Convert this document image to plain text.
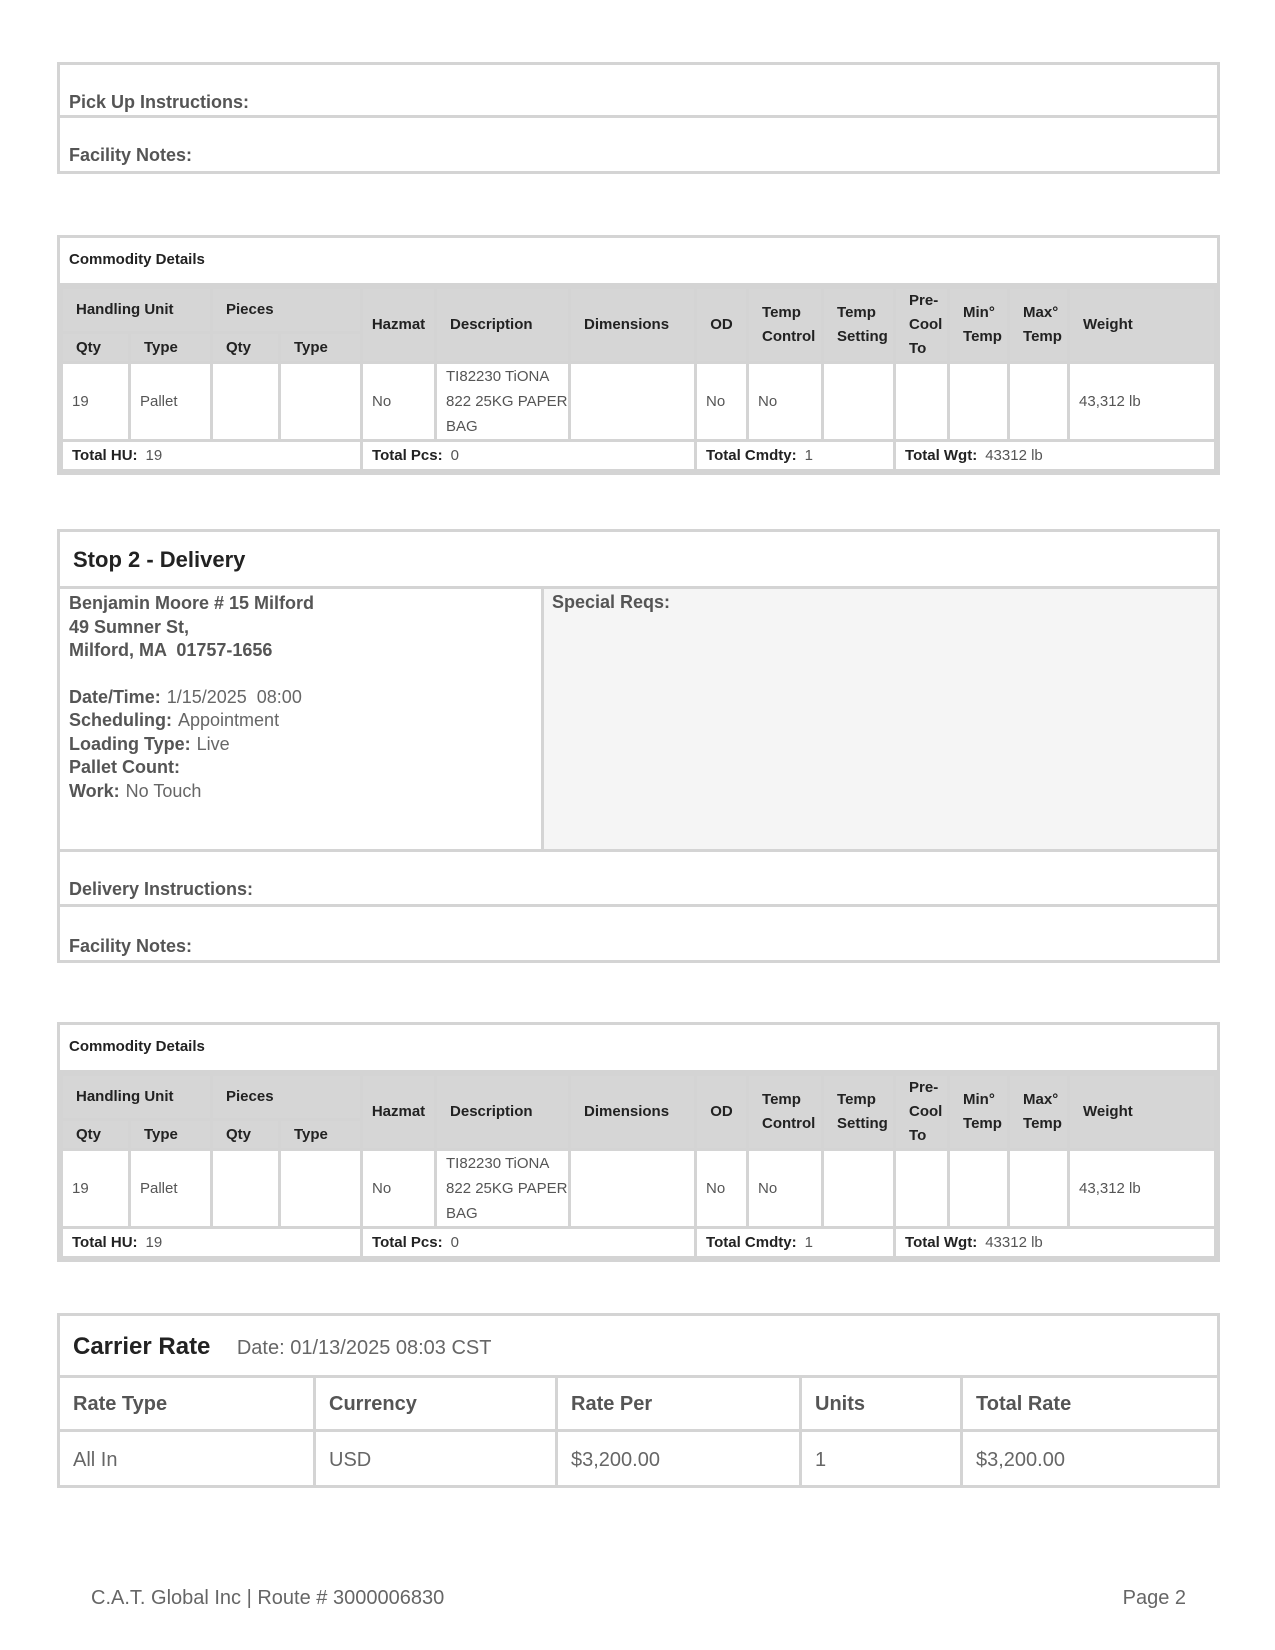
Pick Up Instructions:
Facility Notes:
Commodity Details
Handling Unit		Pieces		Hazmat	Description	Dimensions	OD	Temp Control	Temp Setting	Pre-Cool To	Min° Temp	Max° Temp	Weight
Qty	Type	Qty	Type										
19	Pallet			No	TI82230 TiONA 822 25KG PAPER BAG		No	No					43,312 lb
Total HU: 19				Total Pcs: 0			Total Cmdty: 1			Total Wgt: 43312 lb			
Stop 2 - Delivery
Benjamin Moore # 15 Milford
49 Sumner St,
Milford, MA  01757-1656
Date/Time: 1/15/2025  08:00
Scheduling: Appointment
Loading Type: Live
Pallet Count:
Work: No Touch
Special Reqs:
Delivery Instructions:
Facility Notes:
Commodity Details
Handling Unit		Pieces		Hazmat	Description	Dimensions	OD	Temp Control	Temp Setting	Pre-Cool To	Min° Temp	Max° Temp	Weight
Qty	Type	Qty	Type										
19	Pallet			No	TI82230 TiONA 822 25KG PAPER BAG		No	No					43,312 lb
Total HU: 19				Total Pcs: 0			Total Cmdty: 1			Total Wgt: 43312 lb			
Carrier Rate Date: 01/13/2025 08:03 CST
Rate Type	Currency	Rate Per	Units	Total Rate
All In	USD	$3,200.00	1	$3,200.00
C.A.T. Global Inc | Route # 3000006830	Page 2
